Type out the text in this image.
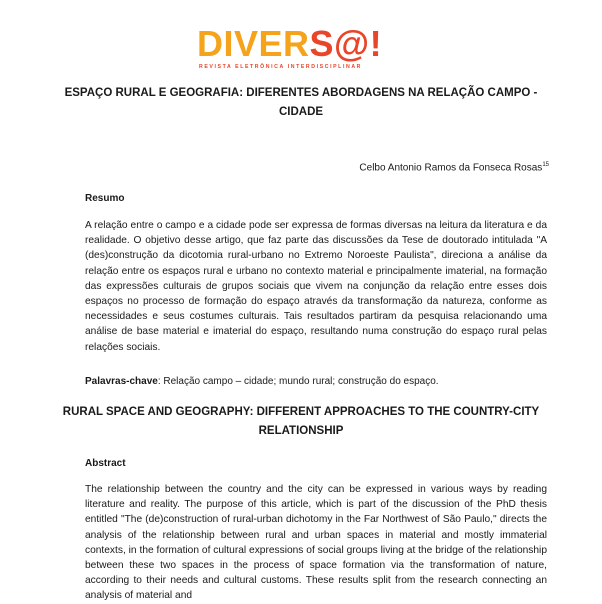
DIVERS@!
REVISTA ELETRÔNICA INTERDISCIPLINAR
ESPAÇO RURAL E GEOGRAFIA: DIFERENTES ABORDAGENS NA RELAÇÃO CAMPO - CIDADE
Celbo Antonio Ramos da Fonseca Rosas$^{15}$
Resumo
A relação entre o campo e a cidade pode ser expressa de formas diversas na leitura da literatura e da realidade. O objetivo desse artigo, que faz parte das discussões da Tese de doutorado intitulada "A (des)construção da dicotomia rural-urbano no Extremo Noroeste Paulista", direciona a análise da relação entre os espaços rural e urbano no contexto material e principalmente imaterial, na formação das expressões culturais de grupos sociais que vivem na conjunção da relação entre esses dois espaços no processo de formação do espaço através da transformação da natureza, conforme as necessidades e seus costumes culturais. Tais resultados partiram da pesquisa relacionando uma análise de base material e imaterial do espaço, resultando numa construção do espaço rural pelas relações sociais.
Palavras-chave: Relação campo – cidade; mundo rural; construção do espaço.
RURAL SPACE AND GEOGRAPHY: DIFFERENT APPROACHES TO THE COUNTRY-CITY RELATIONSHIP
Abstract
The relationship between the country and the city can be expressed in various ways by reading literature and reality. The purpose of this article, which is part of the discussion of the PhD thesis entitled "The (de)construction of rural-urban dichotomy in the Far Northwest of São Paulo," directs the analysis of the relationship between rural and urban spaces in material and mostly immaterial contexts, in the formation of cultural expressions of social groups living at the bridge of the relationship between these two spaces in the process of space formation via the transformation of nature, according to their needs and cultural customs. These results split from the research connecting an analysis of material and
